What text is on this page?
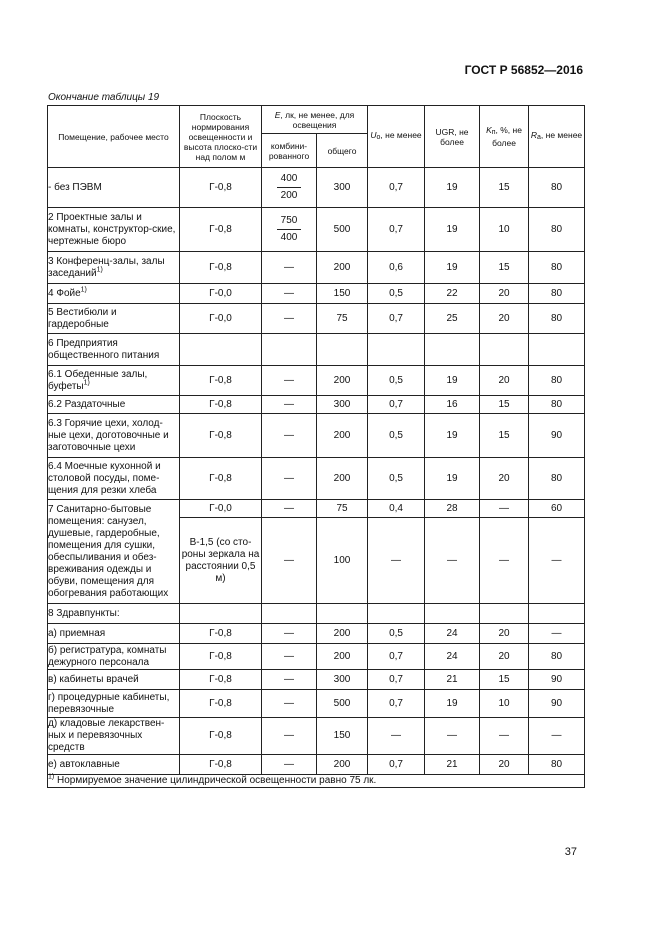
ГОСТ Р 56852—2016
Окончание таблицы 19
Помещение, рабочее место	Плоскость нормирования освещенности и высота плоско-сти над полом м	E, лк, не менее, для освещения		Uo, не менее	UGR, не более	Kп, %, не более	Ra, не менее
		комбини-рованного	общего				
- без ПЭВМ	Г-0,8	$\frac{400}{200}$	300	0,7	19	15	80
2 Проектные залы и комнаты, конструктор-ские, чертежные бюро	Г-0,8	$\frac{750}{400}$	500	0,7	19	10	80
3 Конференц-залы, залы заседаний$^{1)}$	Г-0,8	—	200	0,6	19	15	80
4 Фойе$^{1)}$	Г-0,0	—	150	0,5	22	20	80
5 Вестибюли и гардеробные	Г-0,0	—	75	0,7	25	20	80
6 Предприятия общественного питания							
6.1 Обеденные залы, буфеты$^{1)}$	Г-0,8	—	200	0,5	19	20	80
6.2 Раздаточные	Г-0,8	—	300	0,7	16	15	80
6.3 Горячие цехи, холод-ные цехи, доготовочные и заготовочные цехи	Г-0,8	—	200	0,5	19	15	90
6.4 Моечные кухонной и столовой посуды, поме-щения для резки хлеба	Г-0,8	—	200	0,5	19	20	80
7 Санитарно-бытовые помещения: санузел, душевые, гардеробные, помещения для сушки, обеспыливания и обез-вреживания одежды и обуви, помещения для обогревания работающих	Г-0,0	—	75	0,4	28	—	60
	В-1,5 (со сто-роны зеркала на расстоянии 0,5 м)	—	100	—	—	—	—
8 Здравпункты:							
а) приемная	Г-0,8	—	200	0,5	24	20	—
б) регистратура, комнаты дежурного персонала	Г-0,8	—	200	0,7	24	20	80
в) кабинеты врачей	Г-0,8	—	300	0,7	21	15	90
г) процедурные кабинеты, перевязочные	Г-0,8	—	500	0,7	19	10	90
д) кладовые лекарствен-ных и перевязочных средств	Г-0,8	—	150	—	—	—	—
е) автоклавные	Г-0,8	—	200	0,7	21	20	80
$^{1)}$ Нормируемое значение цилиндрической освещенности равно 75 лк.							
37
